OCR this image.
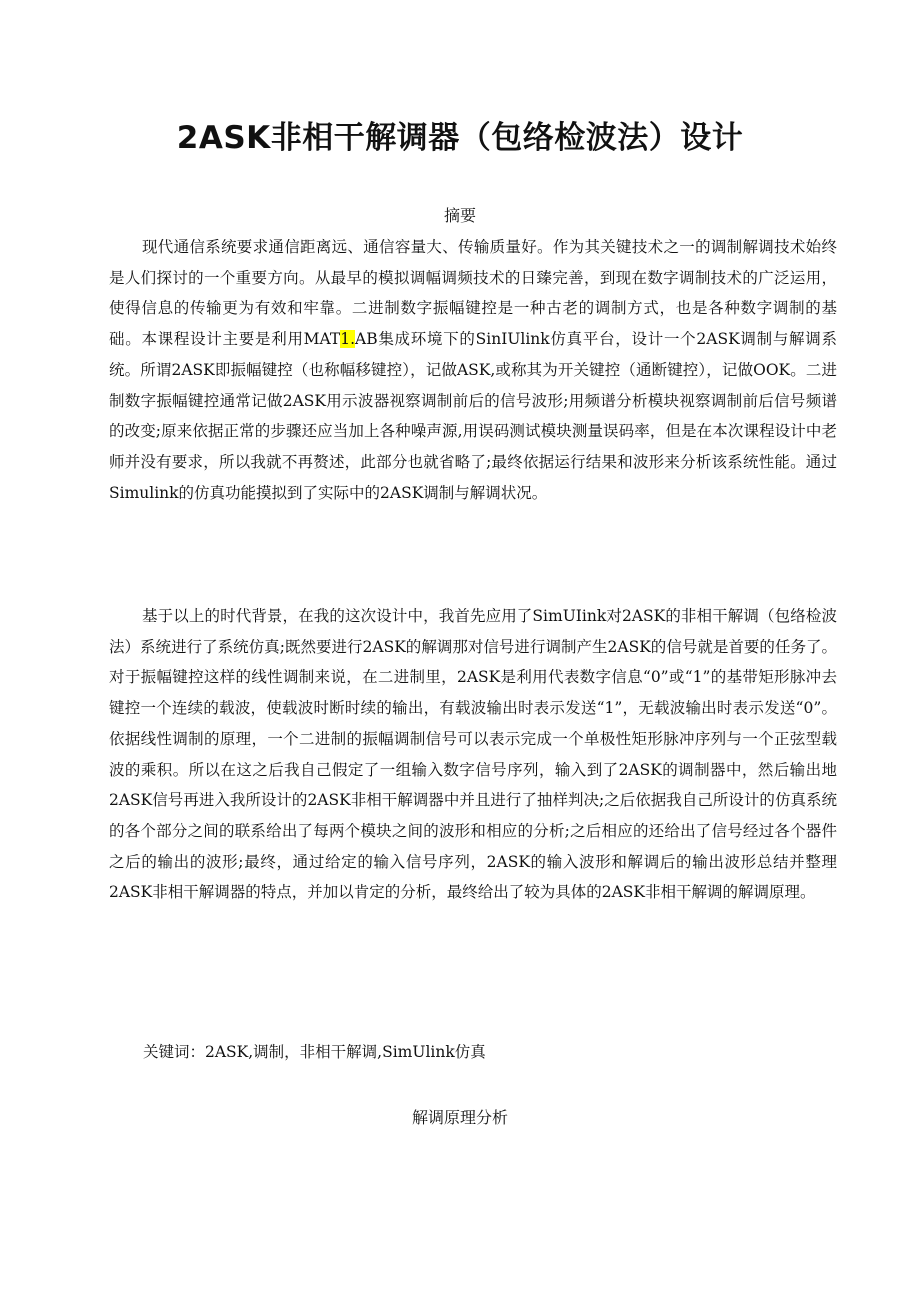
2ASK非相干解调器（包络检波法）设计

摘要

现代通信系统要求通信距离远、通信容量大、传输质量好。作为其关键技术之一的调制解调技术始终是人们探讨的一个重要方向。从最早的模拟调幅调频技术的日臻完善，到现在数字调制技术的广泛运用，使得信息的传输更为有效和牢靠。二进制数字振幅键控是一种古老的调制方式，也是各种数字调制的基础。本课程设计主要是利用MAT1.AB集成环境下的SinIUlink仿真平台，设计一个2ASK调制与解调系统。所谓2ASK即振幅键控（也称幅移键控），记做ASK,或称其为开关键控（通断键控），记做OOK。二进制数字振幅键控通常记做2ASK用示波器视察调制前后的信号波形;用频谱分析模块视察调制前后信号频谱的改变;原来依据正常的步骤还应当加上各种噪声源,用误码测试模块测量误码率，但是在本次课程设计中老师并没有要求，所以我就不再赘述，此部分也就省略了;最终依据运行结果和波形来分析该系统性能。通过Simulink的仿真功能摸拟到了实际中的2ASK调制与解调状况。

基于以上的时代背景，在我的这次设计中，我首先应用了SimUIink对2ASK的非相干解调（包络检波法）系统进行了系统仿真;既然要进行2ASK的解调那对信号进行调制产生2ASK的信号就是首要的任务了。对于振幅键控这样的线性调制来说，在二进制里，2ASK是利用代表数字信息“0”或“1”的基带矩形脉冲去键控一个连续的载波，使载波时断时续的输出，有载波输出时表示发送“1”，无载波输出时表示发送“0”。依据线性调制的原理，一个二进制的振幅调制信号可以表示完成一个单极性矩形脉冲序列与一个正弦型载波的乘积。所以在这之后我自己假定了一组输入数字信号序列，输入到了2ASK的调制器中，然后输出地2ASK信号再进入我所设计的2ASK非相干解调器中并且进行了抽样判决;之后依据我自己所设计的仿真系统的各个部分之间的联系给出了每两个模块之间的波形和相应的分析;之后相应的还给出了信号经过各个器件之后的输出的波形;最终，通过给定的输入信号序列，2ASK的输入波形和解调后的输出波形总结并整理2ASK非相干解调器的特点，并加以肯定的分析，最终给出了较为具体的2ASK非相干解调的解调原理。

关键词：2ASK,调制，非相干解调,SimUlink仿真

解调原理分析
